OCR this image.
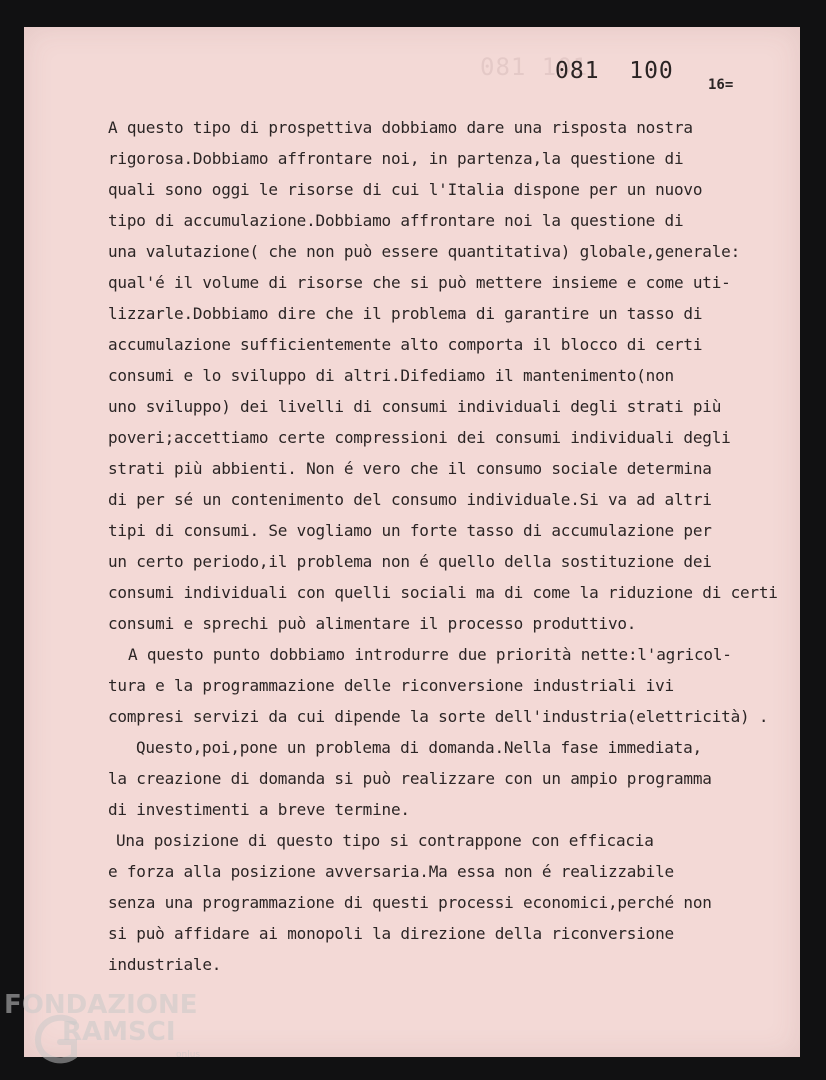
081 101
081  100
16=
A questo tipo di prospettiva dobbiamo dare una risposta nostra
rigorosa.Dobbiamo affrontare noi, in partenza,la questione di
quali sono oggi le risorse di cui l'Italia dispone per un nuovo
tipo di accumulazione.Dobbiamo affrontare noi la questione di
una valutazione( che non può essere quantitativa) globale,generale:
qual'é il volume di risorse che si può mettere insieme e come uti-
lizzarle.Dobbiamo dire che il problema di garantire un tasso di
accumulazione sufficientemente alto comporta il blocco di certi
consumi e lo sviluppo di altri.Difediamo il mantenimento(non
uno sviluppo) dei livelli di consumi individuali degli strati più
poveri;accettiamo certe compressioni dei consumi individuali degli
strati più abbienti. Non é vero che il consumo sociale determina
di per sé un contenimento del consumo individuale.Si va ad altri
tipi di consumi. Se vogliamo un forte tasso di accumulazione per
un certo periodo,il problema non é quello della sostituzione dei
consumi individuali con quelli sociali ma di come la riduzione di certi
consumi e sprechi può alimentare il processo produttivo.
A questo punto dobbiamo introdurre due priorità nette:l'agricol-
tura e la programmazione delle riconversione industriali ivi
compresi servizi da cui dipende la sorte dell'industria(elettricità) .
Questo,poi,pone un problema di domanda.Nella fase immediata,
la creazione di domanda si può realizzare con un ampio programma
di investimenti a breve termine.
Una posizione di questo tipo si contrappone con efficacia
e forza alla posizione avversaria.Ma essa non é realizzabile
senza una programmazione di questi processi economici,perché non
si può affidare ai monopoli la direzione della riconversione
industriale.
FONDAZIONE
RAMSCI
onlus
